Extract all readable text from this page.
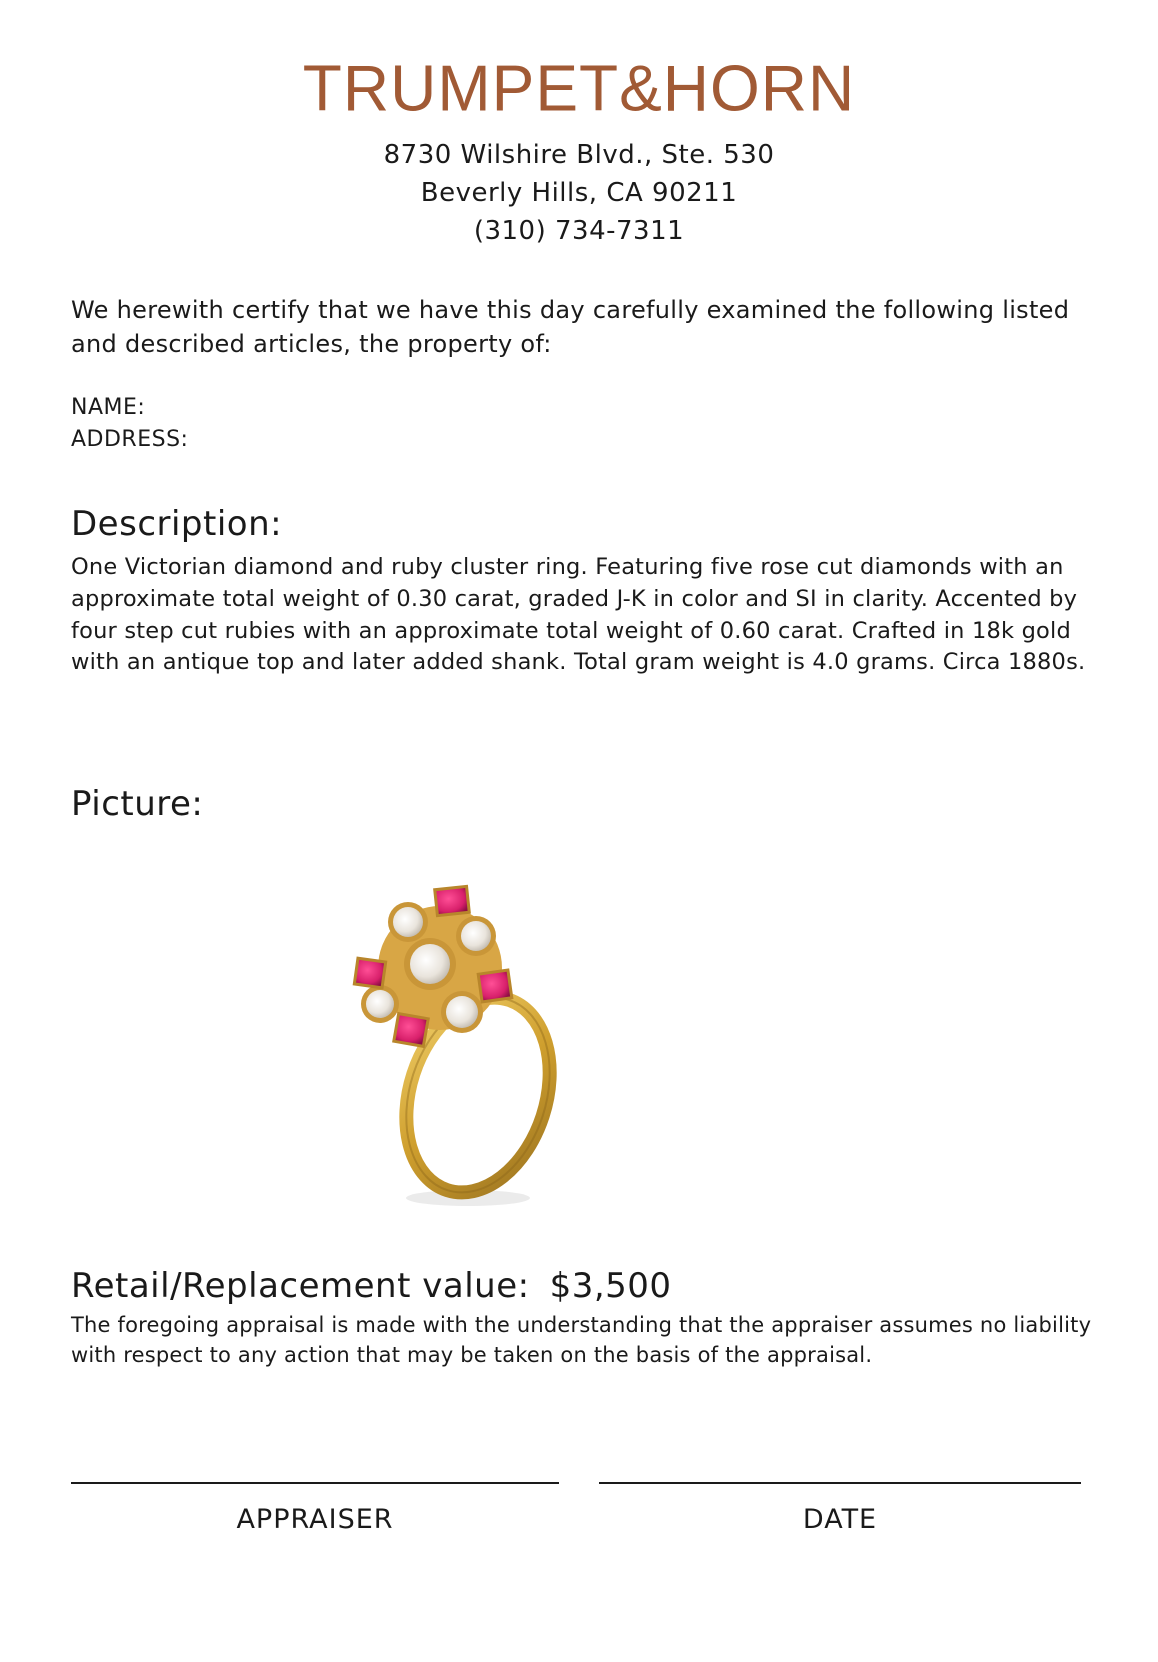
TRUMPET&HORN
8730 Wilshire Blvd., Ste. 530
Beverly Hills, CA 90211
(310) 734-7311
We herewith certify that we have this day carefully examined the following listed and described articles, the property of:
NAME:
ADDRESS:
Description:
One Victorian diamond and ruby cluster ring. Featuring five rose cut diamonds with an approximate total weight of 0.30 carat, graded J-K in color and SI in clarity. Accented by four step cut rubies with an approximate total weight of 0.60 carat. Crafted in 18k gold with an antique top and later added shank. Total gram weight is 4.0 grams. Circa 1880s.
Picture:
Retail/Replacement value: $3,500
The foregoing appraisal is made with the understanding that the appraiser assumes no liability with respect to any action that may be taken on the basis of the appraisal.
APPRAISER	DATE
